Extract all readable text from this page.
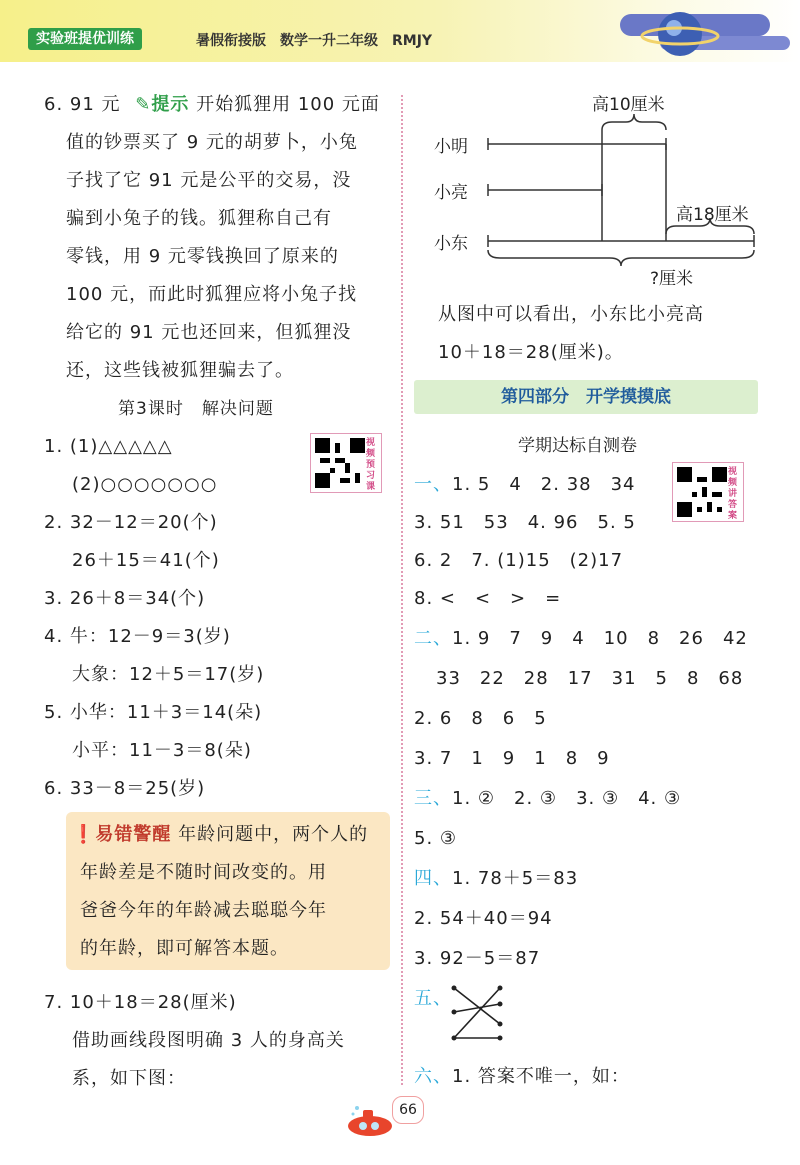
实验班提优训练	暑假衔接版　数学一升二年级　RMJY
6. 91 元 ✎提示 开始狐狸用 100 元面
值的钞票买了 9 元的胡萝卜，小兔
子找了它 91 元是公平的交易，没
骗到小兔子的钱。狐狸称自己有
零钱，用 9 元零钱换回了原来的
100 元，而此时狐狸应将小兔子找
给它的 91 元也还回来，但狐狸没
还，这些钱被狐狸骗去了。
第3课时　解决问题
1. (1)△△△△△
(2)○○○○○○○
视频预习课
2. 32－12＝20(个)
26＋15＝41(个)
3. 26＋8＝34(个)
4. 牛：12－9＝3(岁)
大象：12＋5＝17(岁)
5. 小华：11＋3＝14(朵)
小平：11－3＝8(朵)
6. 33－8＝25(岁)
❗易错警醒 年龄问题中，两个人的
年龄差是不随时间改变的。用
爸爸今年的年龄减去聪聪今年
的年龄，即可解答本题。
7. 10＋18＝28(厘米)
借助画线段图明确 3 人的身高关
系，如下图：
高10厘米
小明
小亮
小东
高18厘米
?厘米
从图中可以看出，小东比小亮高
10＋18＝28(厘米)。
第四部分　开学摸摸底
学期达标自测卷
视频讲答案
一、1. 5　4　2. 38　34
3. 51　53　4. 96　5. 5
6. 2　7. (1)15　(2)17
8. <　<　>　=
二、1. 9　7　9　4　10　8　26　42
33　22　28　17　31　5　8　68
2. 6　8　6　5
3. 7　1　9　1　8　9
三、1. ②　2. ③　3. ③　4. ③
5. ③
四、1. 78＋5＝83
2. 54＋40＝94
3. 92－5＝87
五、
六、1. 答案不唯一，如：
66
